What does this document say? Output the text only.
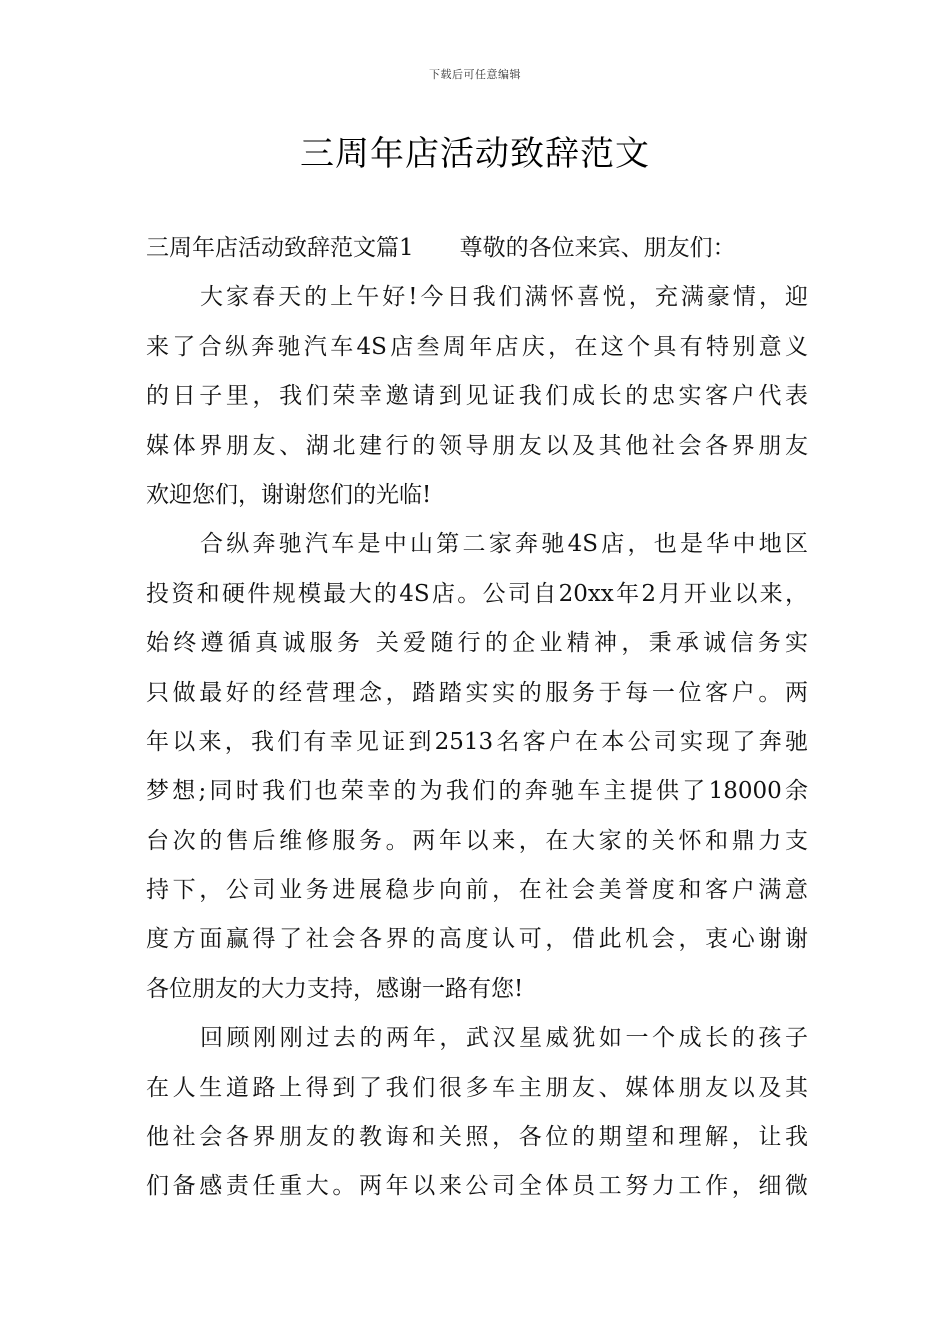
下载后可任意编辑
三周年店活动致辞范文
三周年店活动致辞范文篇1 尊敬的各位来宾、朋友们：
大家春天的上午好!今日我们满怀喜悦，充满豪情，迎
来了合纵奔驰汽车4S店叁周年店庆，在这个具有特别意义
的日子里，我们荣幸邀请到见证我们成长的忠实客户代表
媒体界朋友、湖北建行的领导朋友以及其他社会各界朋友
欢迎您们，谢谢您们的光临!
合纵奔驰汽车是中山第二家奔驰4S店，也是华中地区
投资和硬件规模最大的4S店。公司自20xx年2月开业以来，
始终遵循真诚服务 关爱随行的企业精神，秉承诚信务实
只做最好的经营理念，踏踏实实的服务于每一位客户。两
年以来，我们有幸见证到2513名客户在本公司实现了奔驰
梦想;同时我们也荣幸的为我们的奔驰车主提供了18000余
台次的售后维修服务。两年以来，在大家的关怀和鼎力支
持下，公司业务进展稳步向前，在社会美誉度和客户满意
度方面赢得了社会各界的高度认可，借此机会，衷心谢谢
各位朋友的大力支持，感谢一路有您!
回顾刚刚过去的两年，武汉星威犹如一个成长的孩子
在人生道路上得到了我们很多车主朋友、媒体朋友以及其
他社会各界朋友的教诲和关照，各位的期望和理解，让我
们备感责任重大。两年以来公司全体员工努力工作，细微
